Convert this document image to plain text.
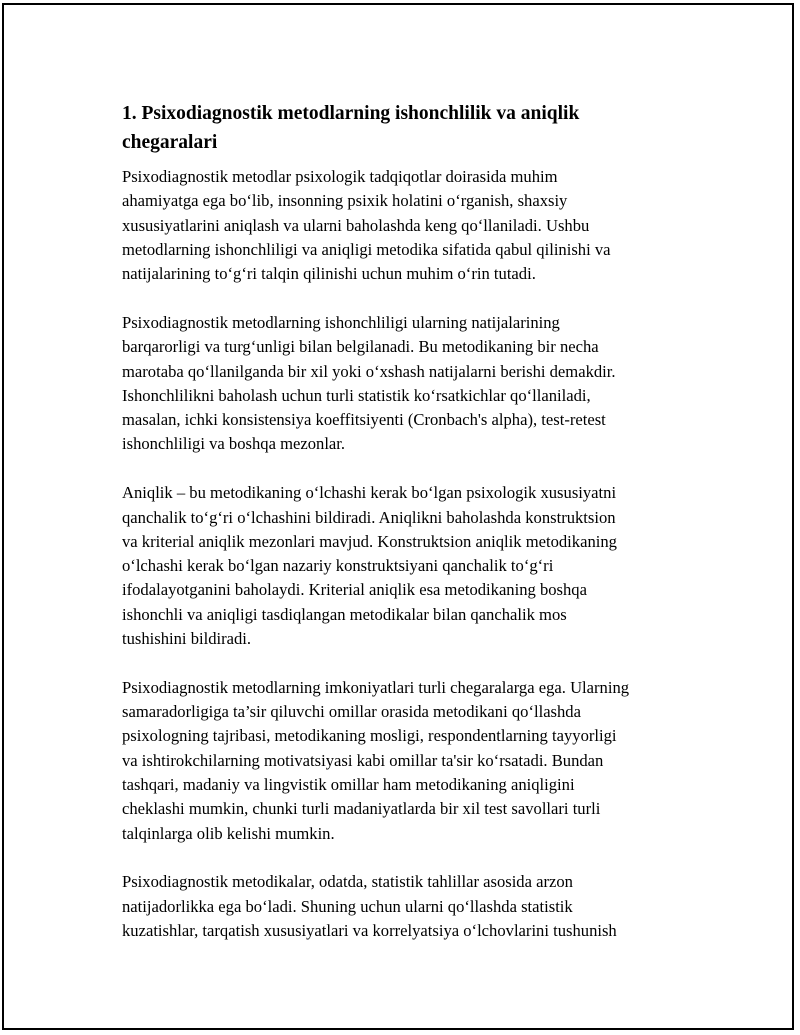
1. Psixodiagnostik metodlarning ishonchlilik va aniqlik
chegaralari

Psixodiagnostik metodlar psixologik tadqiqotlar doirasida muhim
ahamiyatga ega bo‘lib, insonning psixik holatini o‘rganish, shaxsiy
xususiyatlarini aniqlash va ularni baholashda keng qo‘llaniladi. Ushbu
metodlarning ishonchliligi va aniqligi metodika sifatida qabul qilinishi va
natijalarining to‘g‘ri talqin qilinishi uchun muhim o‘rin tutadi.

Psixodiagnostik metodlarning ishonchliligi ularning natijalarining
barqarorligi va turg‘unligi bilan belgilanadi. Bu metodikaning bir necha
marotaba qo‘llanilganda bir xil yoki o‘xshash natijalarni berishi demakdir.
Ishonchlilikni baholash uchun turli statistik ko‘rsatkichlar qo‘llaniladi,
masalan, ichki konsistensiya koeffitsiyenti (Cronbach's alpha), test-retest
ishonchliligi va boshqa mezonlar.

Aniqlik – bu metodikaning o‘lchashi kerak bo‘lgan psixologik xususiyatni
qanchalik to‘g‘ri o‘lchashini bildiradi. Aniqlikni baholashda konstruktsion
va kriterial aniqlik mezonlari mavjud. Konstruktsion aniqlik metodikaning
o‘lchashi kerak bo‘lgan nazariy konstruktsiyani qanchalik to‘g‘ri
ifodalayotganini baholaydi. Kriterial aniqlik esa metodikaning boshqa
ishonchli va aniqligi tasdiqlangan metodikalar bilan qanchalik mos
tushishini bildiradi.

Psixodiagnostik metodlarning imkoniyatlari turli chegaralarga ega. Ularning
samaradorligiga ta’sir qiluvchi omillar orasida metodikani qo‘llashda
psixologning tajribasi, metodikaning mosligi, respondentlarning tayyorligi
va ishtirokchilarning motivatsiyasi kabi omillar ta'sir ko‘rsatadi. Bundan
tashqari, madaniy va lingvistik omillar ham metodikaning aniqligini
cheklashi mumkin, chunki turli madaniyatlarda bir xil test savollari turli
talqinlarga olib kelishi mumkin.

Psixodiagnostik metodikalar, odatda, statistik tahlillar asosida arzon
natijadorlikka ega bo‘ladi. Shuning uchun ularni qo‘llashda statistik
kuzatishlar, tarqatish xususiyatlari va korrelyatsiya o‘lchovlarini tushunish
